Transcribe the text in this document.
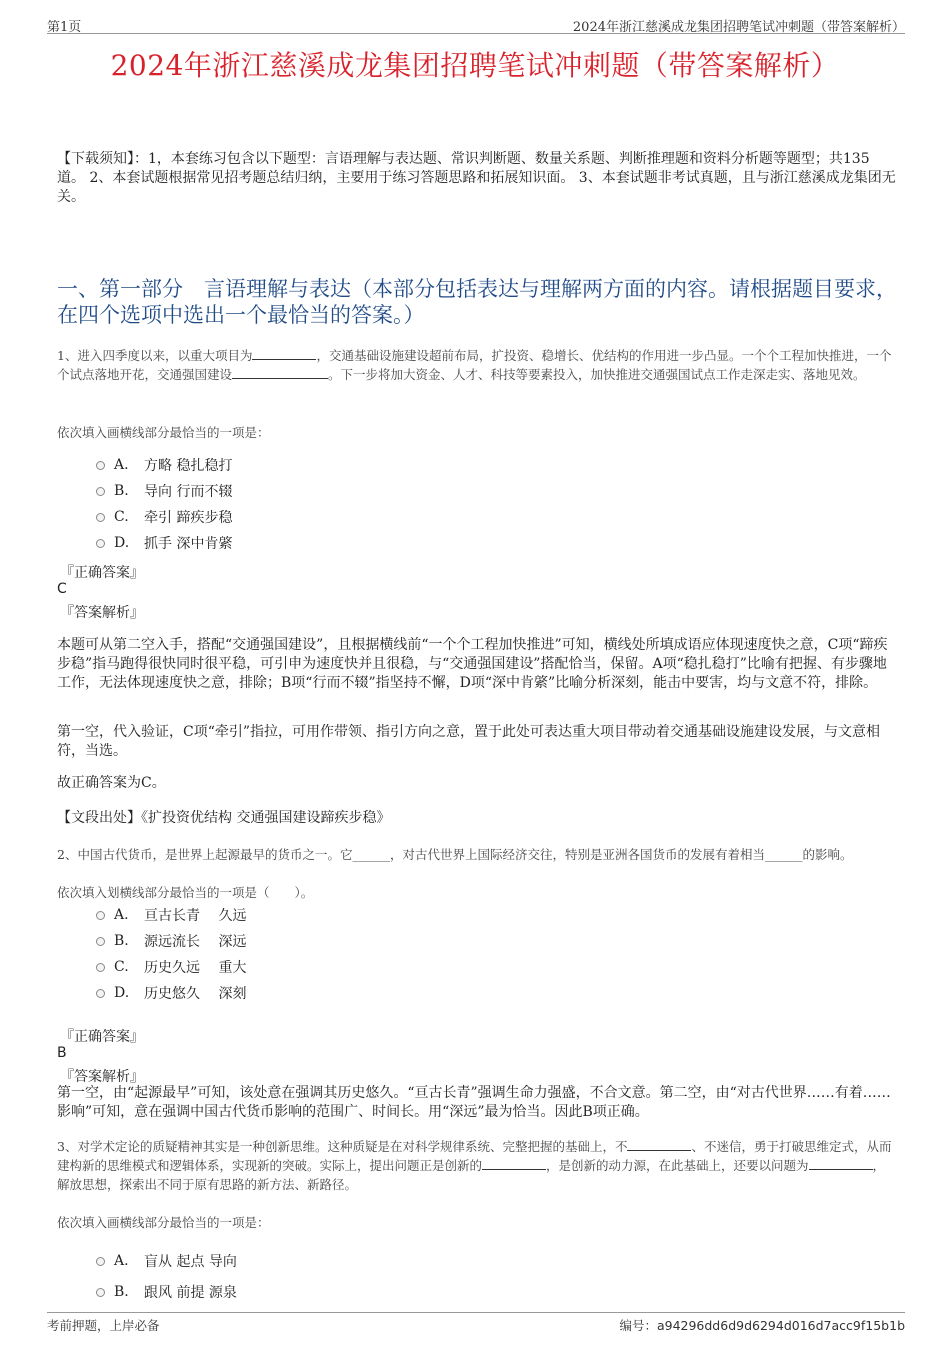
第1页	2024年浙江慈溪成龙集团招聘笔试冲刺题（带答案解析）
2024年浙江慈溪成龙集团招聘笔试冲刺题（带答案解析）
【下载须知】：1，本套练习包含以下题型：言语理解与表达题、常识判断题、数量关系题、判断推理题和资料分析题等题型；共135道。 2、本套试题根据常见招考题总结归纳，主要用于练习答题思路和拓展知识面。 3、本套试题非考试真题，且与浙江慈溪成龙集团无关。
一、第一部分　言语理解与表达（本部分包括表达与理解两方面的内容。请根据题目要求，在四个选项中选出一个最恰当的答案。）
1、进入四季度以来，以重大项目为	，交通基础设施建设超前布局，扩投资、稳增长、优结构的作用进一步凸显。一个个工程加快推进，一个个试点落地开花，交通强国建设	。下一步将加大资金、人才、科技等要素投入，加快推进交通强国试点工作走深走实、落地见效。
依次填入画横线部分最恰当的一项是：
A.	方略 稳扎稳打
B.	导向 行而不辍
C.	牵引 蹄疾步稳
D.	抓手 深中肯綮
『正确答案』
C
『答案解析』
本题可从第二空入手，搭配“交通强国建设”，且根据横线前“一个个工程加快推进”可知，横线处所填成语应体现速度快之意，C项“蹄疾步稳”指马跑得很快同时很平稳，可引申为速度快并且很稳，与“交通强国建设”搭配恰当，保留。A项“稳扎稳打”比喻有把握、有步骤地工作，无法体现速度快之意，排除；B项“行而不辍”指坚持不懈，D项“深中肯綮”比喻分析深刻，能击中要害，均与文意不符，排除。
第一空，代入验证，C项“牵引”指拉，可用作带领、指引方向之意，置于此处可表达重大项目带动着交通基础设施建设发展，与文意相符，当选。
故正确答案为C。
【文段出处】《扩投资优结构 交通强国建设蹄疾步稳》
2、中国古代货币，是世界上起源最早的货币之一。它______，对古代世界上国际经济交往，特别是亚洲各国货币的发展有着相当______的影响。
依次填入划横线部分最恰当的一项是（　　）。
A.	亘古长青　 久远
B.	源远流长　 深远
C.	历史久远　 重大
D.	历史悠久　 深刻
『正确答案』
B
『答案解析』
第一空，由“起源最早”可知，该处意在强调其历史悠久。“亘古长青”强调生命力强盛，不合文意。第二空，由“对古代世界……有着……影响”可知，意在强调中国古代货币影响的范围广、时间长。用“深远”最为恰当。因此B项正确。
3、对学术定论的质疑精神其实是一种创新思维。这种质疑是在对科学规律系统、完整把握的基础上，不	、不迷信，勇于打破思维定式，从而建构新的思维模式和逻辑体系，实现新的突破。实际上，提出问题正是创新的	，是创新的动力源，在此基础上，还要以问题为	，解放思想，探索出不同于原有思路的新方法、新路径。
依次填入画横线部分最恰当的一项是：
A.	盲从 起点 导向
B.	跟风 前提 源泉
考前押题，上岸必备	编号：a94296dd6d9d6294d016d7acc9f15b1b
